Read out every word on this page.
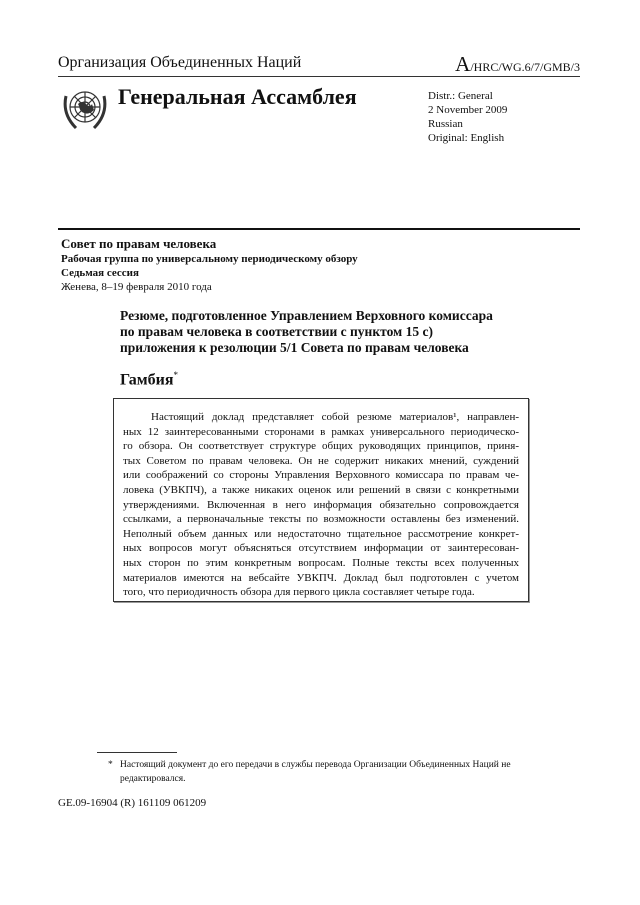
Организация Объединенных Наций	A/HRC/WG.6/7/GMB/3
Генеральная Ассамблея	Distr.: General
2 November 2009
Russian
Original: English
Совет по правам человека
Рабочая группа по универсальному периодическому обзору
Седьмая сессия
Женева, 8–19 февраля 2010 года
Резюме, подготовленное Управлением Верховного комиссара
по правам человека в соответствии с пунктом 15 с)
приложения к резолюции 5/1 Совета по правам человека
Гамбия*
Настоящий доклад представляет собой резюме материалов¹, направлен-
ных 12 заинтересованными сторонами в рамках универсального периодическо-
го обзора. Он соответствует структуре общих руководящих принципов, приня-
тых Советом по правам человека. Он не содержит никаких мнений, суждений
или соображений со стороны Управления Верховного комиссара по правам че-
ловека (УВКПЧ), а также никаких оценок или решений в связи с конкретными
утверждениями. Включенная в него информация обязательно сопровождается
ссылками, а первоначальные тексты по возможности оставлены без изменений.
Неполный объем данных или недостаточно тщательное рассмотрение конкрет-
ных вопросов могут объясняться отсутствием информации от заинтересован-
ных сторон по этим конкретным вопросам. Полные тексты всех полученных
материалов имеются на вебсайте УВКПЧ. Доклад был подготовлен с учетом
того, что периодичность обзора для первого цикла составляет четыре года.
* Настоящий документ до его передачи в службы перевода Организации Объединенных Наций не редактировался.
GE.09-16904 (R) 161109 061209
